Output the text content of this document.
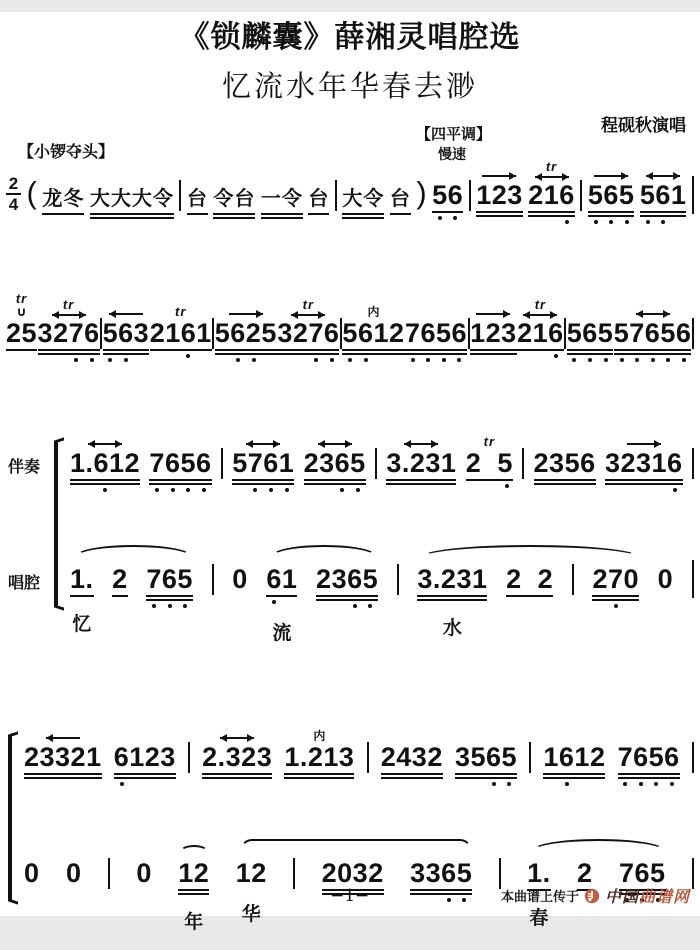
《锁麟囊》薛湘灵唱腔选
忆流水年华春去渺
程砚秋演唱
【小锣夺头】
【四平调】
慢速
2
4 ( 龙冬 大大大令 台 令台 一令 台 大令 台 ) 56 123
tr
216 565 561
tr
∪
25
tr
3276 563
tr
2161 5625
tr
3276
内
5612 7656 123
tr
216 565 57656
伴奏	1.612 7656 5761 2365 3.231
tr
2  5 2356 32316
唱腔	1.
忆
2 765 0 61
流
2365 3.231
水
2  2 270 0
23321 6123 2.323
内
1.213 2432 3565 1612 7656
0 0 0 12
年
12
华
2032 3365 1.
春
2 765
−1−	本曲谱上传于 中国曲谱网
